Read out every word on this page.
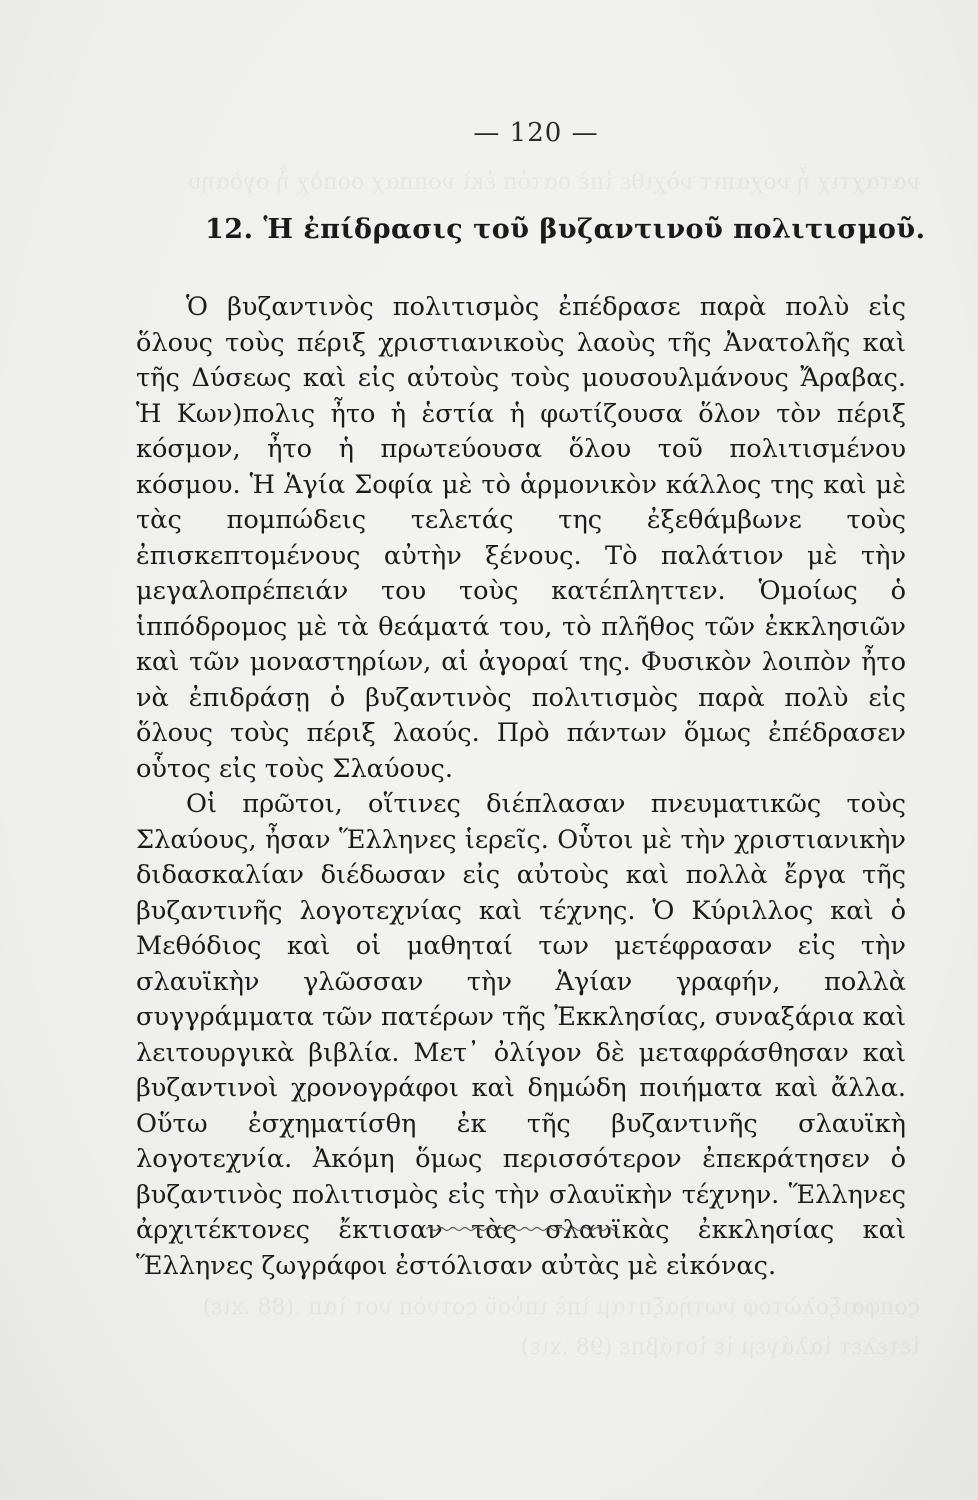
— 120 —
12. Ἡ ἐπίδρασις τοῦ βυζαντινοῦ πολιτισμοῦ.

Ὁ βυζαντινὸς πολιτισμὸς ἐπέδρασε παρὰ πολὺ εἰς ὅλους τοὺς πέριξ χριστιανικοὺς λαοὺς τῆς Ἀνατολῆς καὶ τῆς Δύσεως καὶ εἰς αὐτοὺς τοὺς μουσουλμάνους Ἄραβας. Ἡ Κων)πολις ἦτο ἡ ἑστία ἡ φωτίζουσα ὅλον τὸν πέριξ κόσμον, ἦτο ἡ πρωτεύουσα ὅλου τοῦ πολιτισμένου κόσμου. Ἡ Ἁγία Σοφία μὲ τὸ ἁρμονικὸν κάλλος της καὶ μὲ τὰς πομπώδεις τελετάς της ἐξεθάμβωνε τοὺς ἐπισκεπτομένους αὐτὴν ξένους. Τὸ παλάτιον μὲ τὴν μεγαλοπρέπειάν του τοὺς κατέπληττεν. Ὁμοίως ὁ ἱππόδρομος μὲ τὰ θεάματά του, τὸ πλῆθος τῶν ἐκκλησιῶν καὶ τῶν μοναστηρίων, αἱ ἀγοραί της. Φυσικὸν λοιπὸν ἦτο νὰ ἐπιδράσῃ ὁ βυζαντινὸς πολιτισμὸς παρὰ πολὺ εἰς ὅλους τοὺς πέριξ λαούς. Πρὸ πάντων ὅμως ἐπέδρασεν οὗτος εἰς τοὺς Σλαύους.

Οἱ πρῶτοι, οἵτινες διέπλασαν πνευματικῶς τοὺς Σλαύους, ἦσαν Ἕλληνες ἱερεῖς. Οὗτοι μὲ τὴν χριστιανικὴν διδασκαλίαν διέδωσαν εἰς αὐτοὺς καὶ πολλὰ ἔργα τῆς βυζαντινῆς λογοτεχνίας καὶ τέχνης. Ὁ Κύριλλος καὶ ὁ Μεθόδιος καὶ οἱ μαθηταί των μετέφρασαν εἰς τὴν σλαυϊκὴν γλῶσσαν τὴν Ἁγίαν γραφήν, πολλὰ συγγράμματα τῶν πατέρων τῆς Ἐκκλησίας, συναξάρια καὶ λειτουργικὰ βιβλία. Μετ᾿ ὀλίγον δὲ μεταφράσθησαν καὶ βυζαντινοὶ χρονογράφοι καὶ δημώδη ποιήματα καὶ ἄλλα. Οὕτω ἐσχηματίσθη ἐκ τῆς βυζαντινῆς σλαυϊκὴ λογοτεχνία. Ἀκόμη ὅμως περισσότερον ἐπεκράτησεν ὁ βυζαντινὸς πολιτισμὸς εἰς τὴν σλαυϊκὴν τέχνην. Ἕλληνες ἀρχιτέκτονες ἔκτισαν τὰς σλαυϊκὰς ἐκκλησίας καὶ Ἕλληνες ζωγράφοι ἐστόλισαν αὐτὰς μὲ εἰκόνας.
